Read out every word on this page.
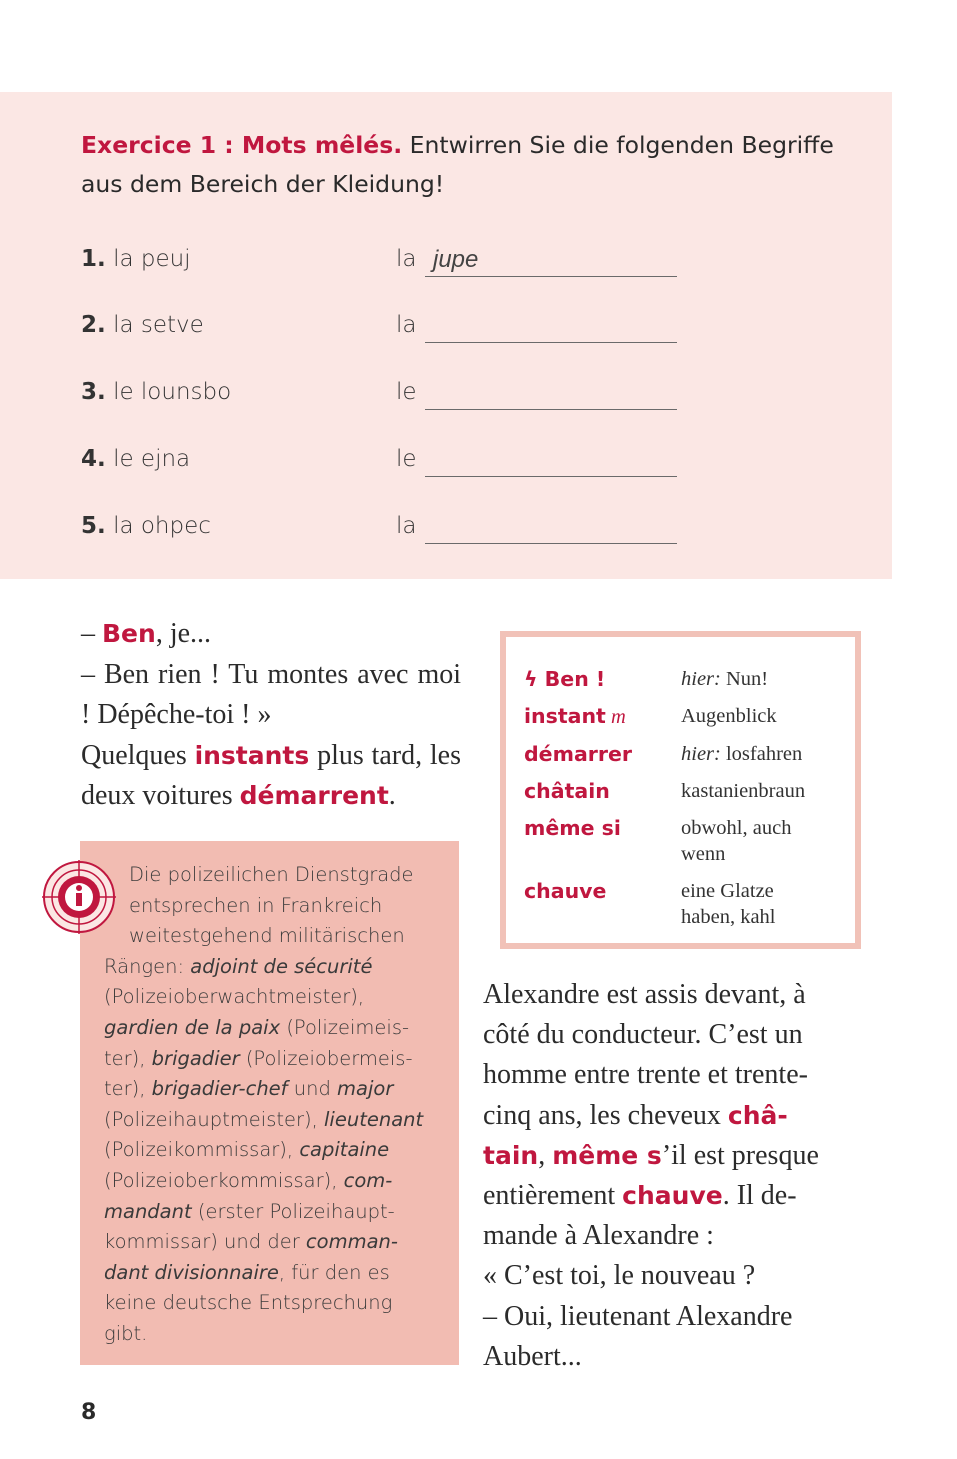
Exercice 1 : Mots mêlés. Entwirren Sie die folgenden Begriffe
aus dem Bereich der Kleidung!
1. la peuj	la jupe
2. la setve	la
3. le lounsbo	le
4. le ejna	le
5. la ohpec	la
– Ben, je...
– Ben rien ! Tu montes avec moi ! Dépêche-toi ! »
Quelques instants plus tard, les deux voitures démarrent.
Die polizeilichen Dienstgrade
entsprechen in Frankreich
weitestgehend militärischen
Rängen: adjoint de sécurité
(Polizeioberwachtmeister),
gardien de la paix (Polizeimeis-
ter), brigadier (Polizeiobermeis-
ter), brigadier-chef und major
(Polizeihauptmeister), lieutenant
(Polizeikommissar), capitaine
(Polizeioberkommissar), com-
mandant (erster Polizeihaupt-
kommissar) und der comman-
dant divisionnaire, für den es
keine deutsche Entsprechung
gibt.
ϟ Ben !	hier: Nun!
instant m	Augenblick
démarrer hier: losfahren
châtain	kastanienbraun
même si	obwohl, auch
wenn
chauve	eine Glatze
haben, kahl
Alexandre est assis devant, à
côté du conducteur. C’est un
homme entre trente et trente-
cinq ans, les cheveux châ-
tain, même s’il est presque
entièrement chauve. Il de-
mande à Alexandre :
« C’est toi, le nouveau ?
– Oui, lieutenant Alexandre
Aubert...
8
